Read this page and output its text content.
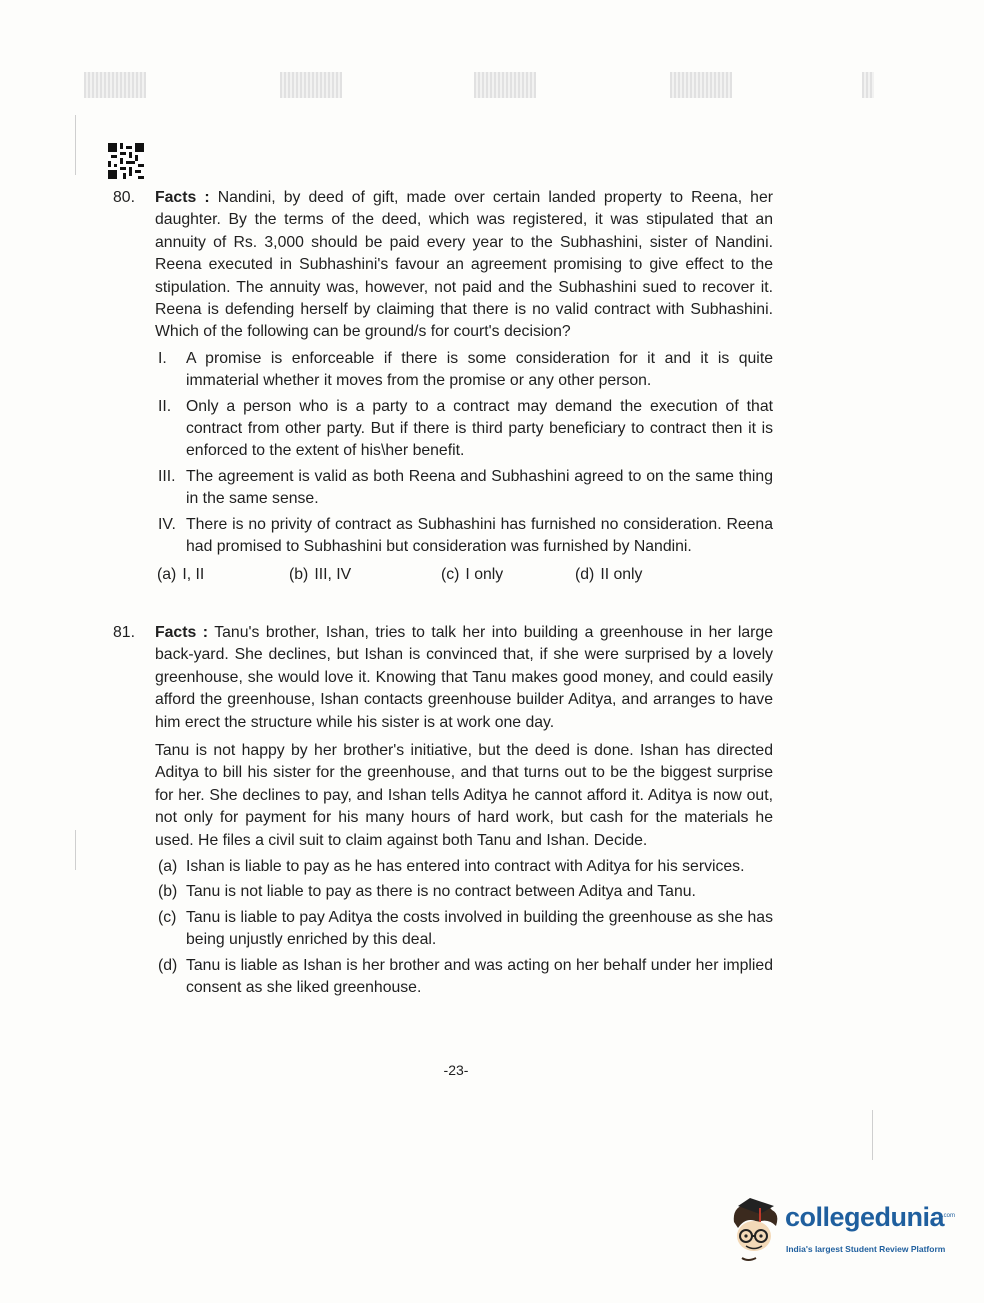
80.	Facts : Nandini, by deed of gift, made over certain landed property to Reena, her daughter. By the terms of the deed, which was registered, it was stipulated that an annuity of Rs. 3,000 should be paid every year to the Subhashini, sister of Nandini. Reena executed in Subhashini's favour an agreement promising to give effect to the stipulation. The annuity was, however, not paid and the Subhashini sued to recover it. Reena is defending herself by claiming that there is no valid contract with Subhashini. Which of the following can be ground/s for court's decision?

I.	A promise is enforceable if there is some consideration for it and it is quite immaterial whether it moves from the promise or any other person.
II. Only a person who is a party to a contract may demand the execution of that contract from other party. But if there is third party beneficiary to contract then it is enforced to the extent of his\her benefit.
III. The agreement is valid as both Reena and Subhashini agreed to on the same thing in the same sense.
IV. There is no privity of contract as Subhashini has furnished no consideration. Reena had promised to Subhashini but consideration was furnished by Nandini.
(a) I, II	(b) III, IV	(c) I only	(d) II only
81.	Facts : Tanu's brother, Ishan, tries to talk her into building a greenhouse in her large back-yard. She declines, but Ishan is convinced that, if she were surprised by a lovely greenhouse, she would love it. Knowing that Tanu makes good money, and could easily afford the greenhouse, Ishan contacts greenhouse builder Aditya, and arranges to have him erect the structure while his sister is at work one day.

Tanu is not happy by her brother's initiative, but the deed is done. Ishan has directed Aditya to bill his sister for the greenhouse, and that turns out to be the biggest surprise for her. She declines to pay, and Ishan tells Aditya he cannot afford it. Aditya is now out, not only for payment for his many hours of hard work, but cash for the materials he used. He files a civil suit to claim against both Tanu and Ishan. Decide.

(a) Ishan is liable to pay as he has entered into contract with Aditya for his services.
(b) Tanu is not liable to pay as there is no contract between Aditya and Tanu.
(c) Tanu is liable to pay Aditya the costs involved in building the greenhouse as she has being unjustly enriched by this deal.
(d) Tanu is liable as Ishan is her brother and was acting on her behalf under her implied consent as she liked greenhouse.
-23-
collegedunia
.com
India's largest Student Review Platform
